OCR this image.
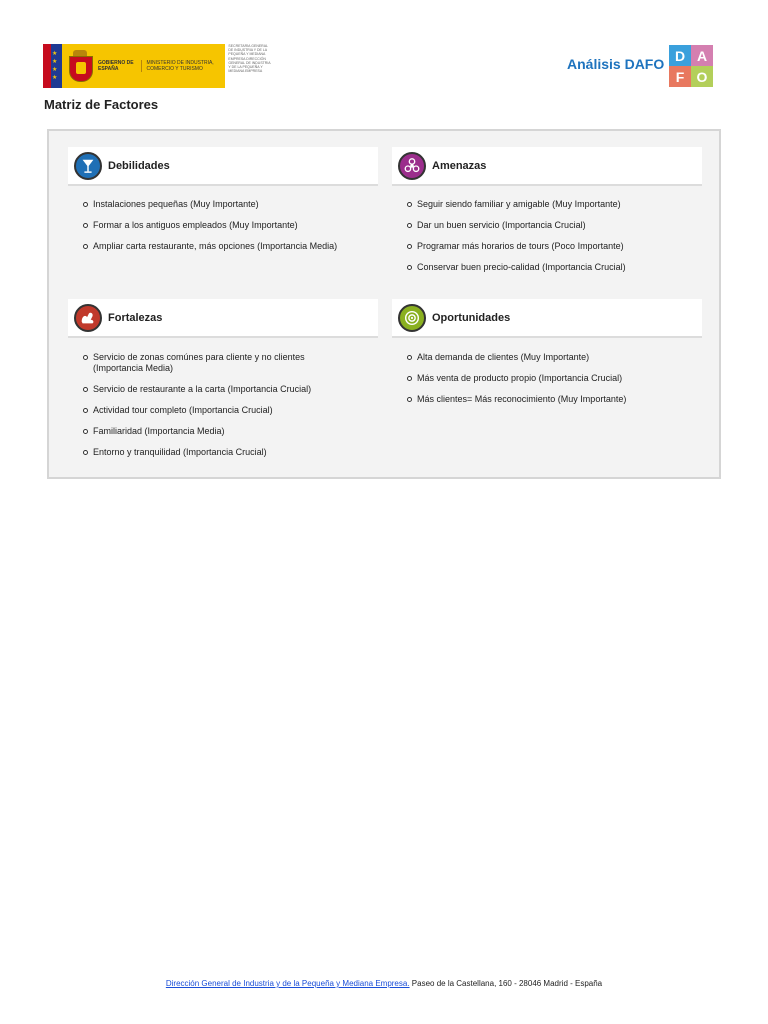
★
★
★
★
GOBIERNO DE ESPAÑA
MINISTERIO DE INDUSTRIA, COMERCIO Y TURISMO
SECRETARÍA GENERAL DE INDUSTRIA Y DE LA PEQUEÑA Y MEDIANA EMPRESA DIRECCIÓN GENERAL DE INDUSTRIA Y DE LA PEQUEÑA Y MEDIANA EMPRESA	Análisis DAFO
D A
F O
Matriz de Factores
Debilidades
Instalaciones pequeñas (Muy Importante)
Formar a los antiguos empleados (Muy Importante)
Ampliar carta restaurante, más opciones (Importancia Media)
Amenazas
Seguir siendo familiar y amigable (Muy Importante)
Dar un buen servicio (Importancia Crucial)
Programar más horarios de tours (Poco Importante)
Conservar buen precio-calidad (Importancia Crucial)
Fortalezas
Servicio de zonas comúnes para cliente y no clientes (Importancia Media)
Servicio de restaurante a la carta (Importancia Crucial)
Actividad tour completo (Importancia Crucial)
Familiaridad (Importancia Media)
Entorno y tranquilidad (Importancia Crucial)
Oportunidades
Alta demanda de clientes (Muy Importante)
Más venta de producto propio (Importancia Crucial)
Más clientes= Más reconocimiento (Muy Importante)
Dirección General de Industria y de la Pequeña y Mediana Empresa. Paseo de la Castellana, 160 - 28046 Madrid - España
